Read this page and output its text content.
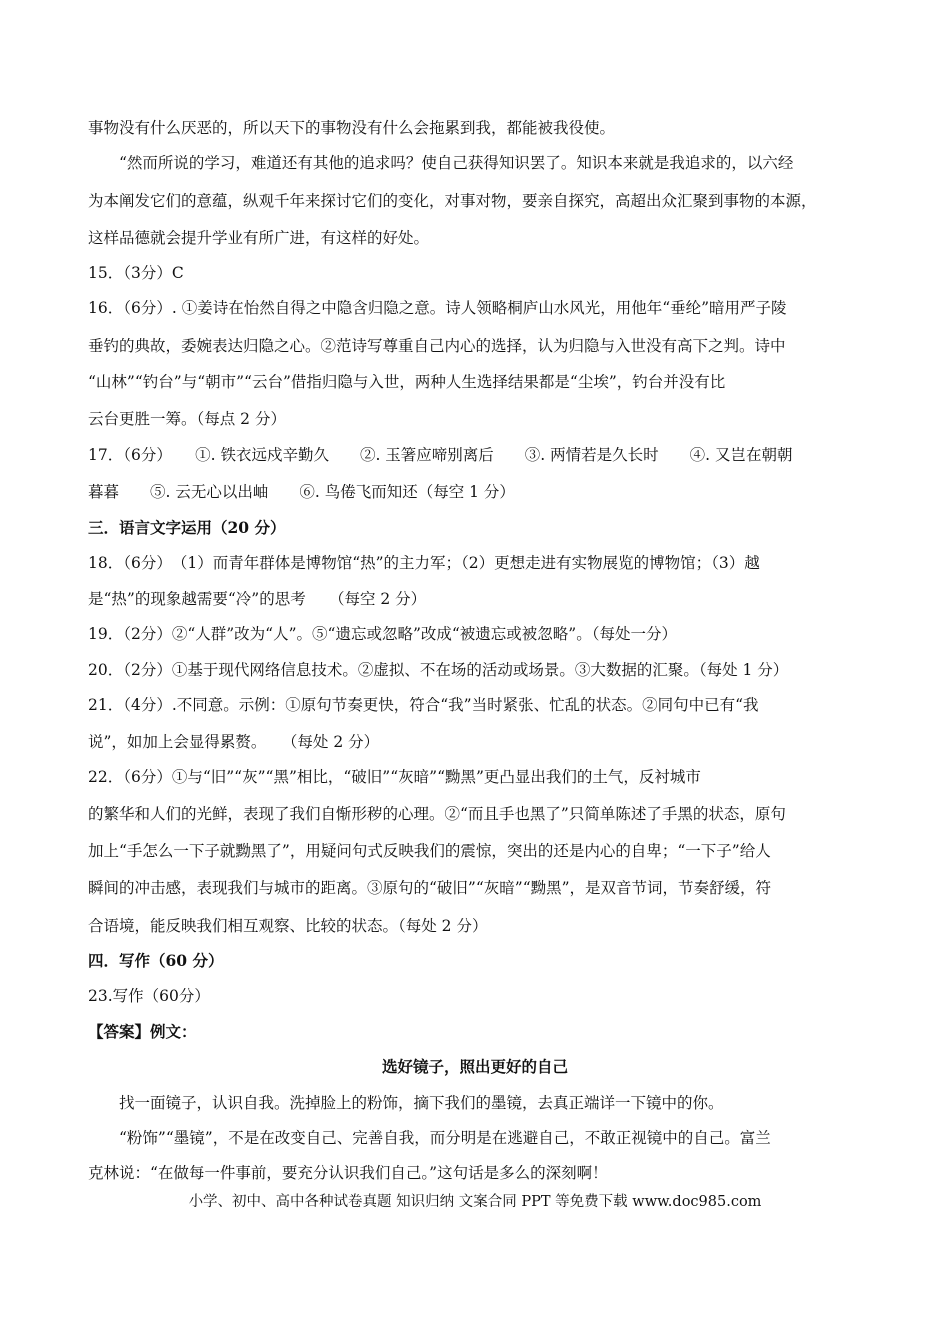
事物没有什么厌恶的，所以天下的事物没有什么会拖累到我，都能被我役使。
“然而所说的学习，难道还有其他的追求吗？使自己获得知识罢了。知识本来就是我追求的，以六经
为本阐发它们的意蕴，纵观千年来探讨它们的变化，对事对物，要亲自探究，高超出众汇聚到事物的本源，
这样品德就会提升学业有所广进，有这样的好处。
15．（3分）C
16．（6分）. ①姜诗在怡然自得之中隐含归隐之意。诗人领略桐庐山水风光，用他年“垂纶”暗用严子陵
垂钓的典故，委婉表达归隐之心。②范诗写尊重自己内心的选择，认为归隐与入世没有高下之判。诗中
“山林”“钓台”与“朝市”“云台”借指归隐与入世，两种人生选择结果都是“尘埃”，钓台并没有比
云台更胜一筹。（每点 2 分）
17．（6分）　　①. 铁衣远戍辛勤久　　②. 玉箸应啼别离后　　③. 两情若是久长时　　④. 又岂在朝朝
暮暮　　⑤. 云无心以出岫　　⑥. 鸟倦飞而知还（每空 1 分）
三．语言文字运用（20 分）
18．（6分）　（1）而青年群体是博物馆“热”的主力军；（2）更想走进有实物展览的博物馆；（3）越
是“热”的现象越需要“冷”的思考　　（每空 2 分）
19．（2分）②“人群”改为“人”。⑤“遗忘或忽略”改成“被遗忘或被忽略”。（每处一分）
20．（2分）①基于现代网络信息技术。②虚拟、不在场的活动或场景。③大数据的汇聚。（每处 1 分）
21．（4分）.不同意。示例：①原句节奏更快，符合“我”当时紧张、忙乱的状态。②同句中已有“我
说”，如加上会显得累赘。　　（每处 2 分）
22．（6分）①与“旧”“灰”“黑”相比，“破旧”“灰暗”“黝黑”更凸显出我们的土气，反衬城市
的繁华和人们的光鲜，表现了我们自惭形秽的心理。②“而且手也黑了”只简单陈述了手黑的状态，原句
加上“手怎么一下子就黝黑了”，用疑问句式反映我们的震惊，突出的还是内心的自卑；“一下子”给人
瞬间的冲击感，表现我们与城市的距离。③原句的“破旧”“灰暗”“黝黑”，是双音节词，节奏舒缓，符
合语境，能反映我们相互观察、比较的状态。（每处 2 分）
四．写作（60 分）
23.写作（60分）
【答案】例文：
选好镜子，照出更好的自己
找一面镜子，认识自我。洗掉脸上的粉饰，摘下我们的墨镜，去真正端详一下镜中的你。
“粉饰”“墨镜”，不是在改变自己、完善自我，而分明是在逃避自己，不敢正视镜中的自己。富兰
克林说：“在做每一件事前，要充分认识我们自己。”这句话是多么的深刻啊！
小学、初中、高中各种试卷真题 知识归纳 文案合同 PPT 等免费下载 www.doc985.com
